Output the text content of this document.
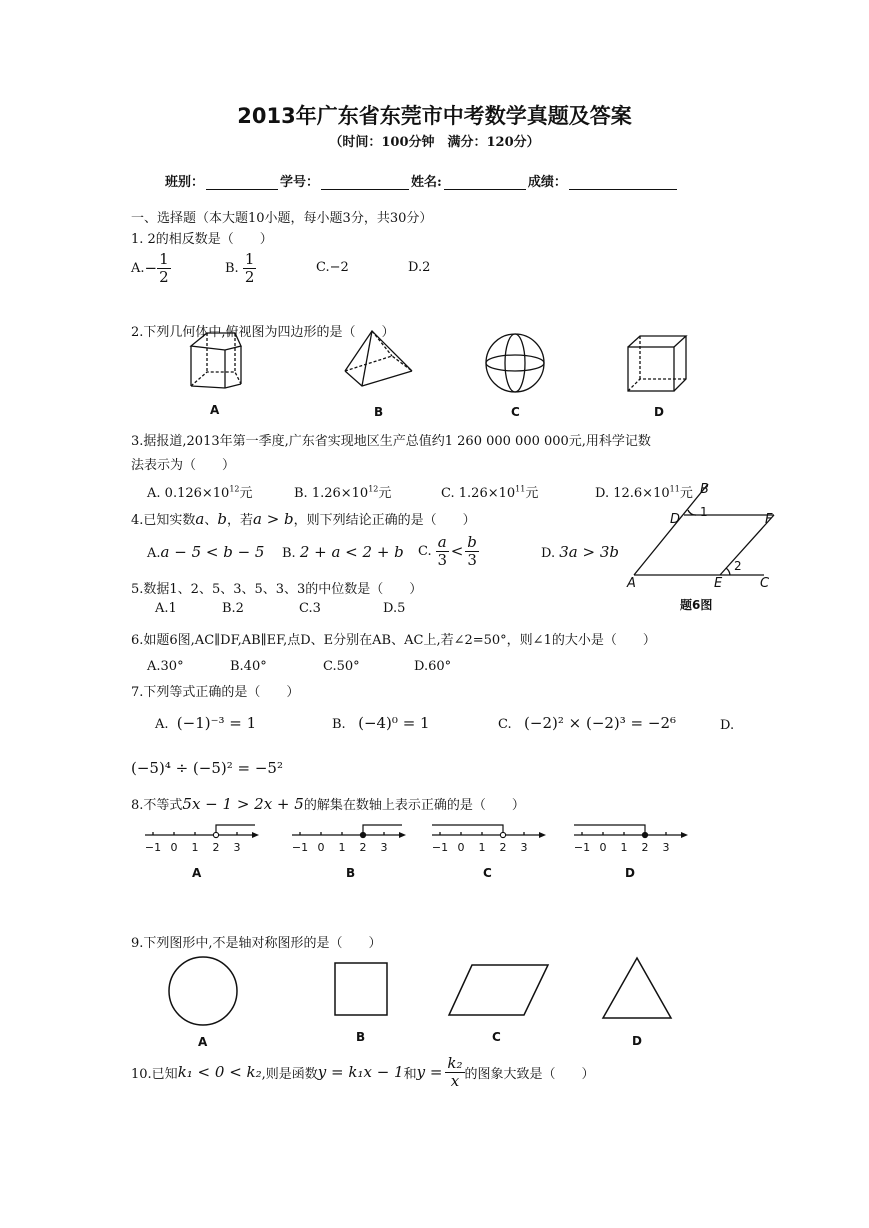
2013年广东省东莞市中考数学真题及答案
（时间：100分钟　满分：120分）
班别：	学号：	姓名:	成绩：
一、选择题（本大题10小题，每小题3分，共30分）
1. 2的相反数是（　　）
A. − $\frac{1}{2}$	B.
$\frac{1}{2}$	C.−2	D.2
2.下列几何体中,俯视图为四边形的是（　　）
A	B	C	D
3.据报道,2013年第一季度,广东省实现地区生产总值约1 260 000 000 000元,用科学记数
法表示为（　　）
A. $0.126\times 10^{12}$元	B. $1.26\times 10^{12}$元	C. $1.26\times 10^{11}$元	D. $12.6\times 10^{11}$元 B
D	F
A	E	C
1
2
题6图
4.已知实数 a 、 b ，若 a > b ，则下列结论正确的是（　　）
A. a − 5 < b − 5 B.
2 + a < 2 + b C.
$\frac{a}{3} < \frac{b}{3}$	D.
3a > 3b
5.数据1、2、5、3、5、3、3的中位数是（　　）
A.1	B.2	C.3	D.5
6.如题6图,AC∥DF,AB∥EF,点D、E分别在AB、AC上,若∠2=50°，则∠1的大小是（　　）
A.30°	B.40°	C.50°	D.60°
7.下列等式正确的是（　　）
A.
(−1)⁻³ = 1	B.
(−4)⁰ = 1	C.
(−2)² × (−2)³ = −2⁶	D.
(−5)⁴ ÷ (−5)² = −5²
8.不等式 5x − 1 > 2x + 5 的解集在数轴上表示正确的是（　　）
−1 0 1 2 3	−1 0 1 2 3	−1 0 1 2 3	−1 0 1 2 3
A	B	C	D
9.下列图形中,不是轴对称图形的是（　　）
A	B	C	D
10.已知 k₁ < 0 < k₂ ,则是函数 y = k₁x − 1 和 $y = \frac{\text{k₂}}{x}$ 的图象大致是（　　）
